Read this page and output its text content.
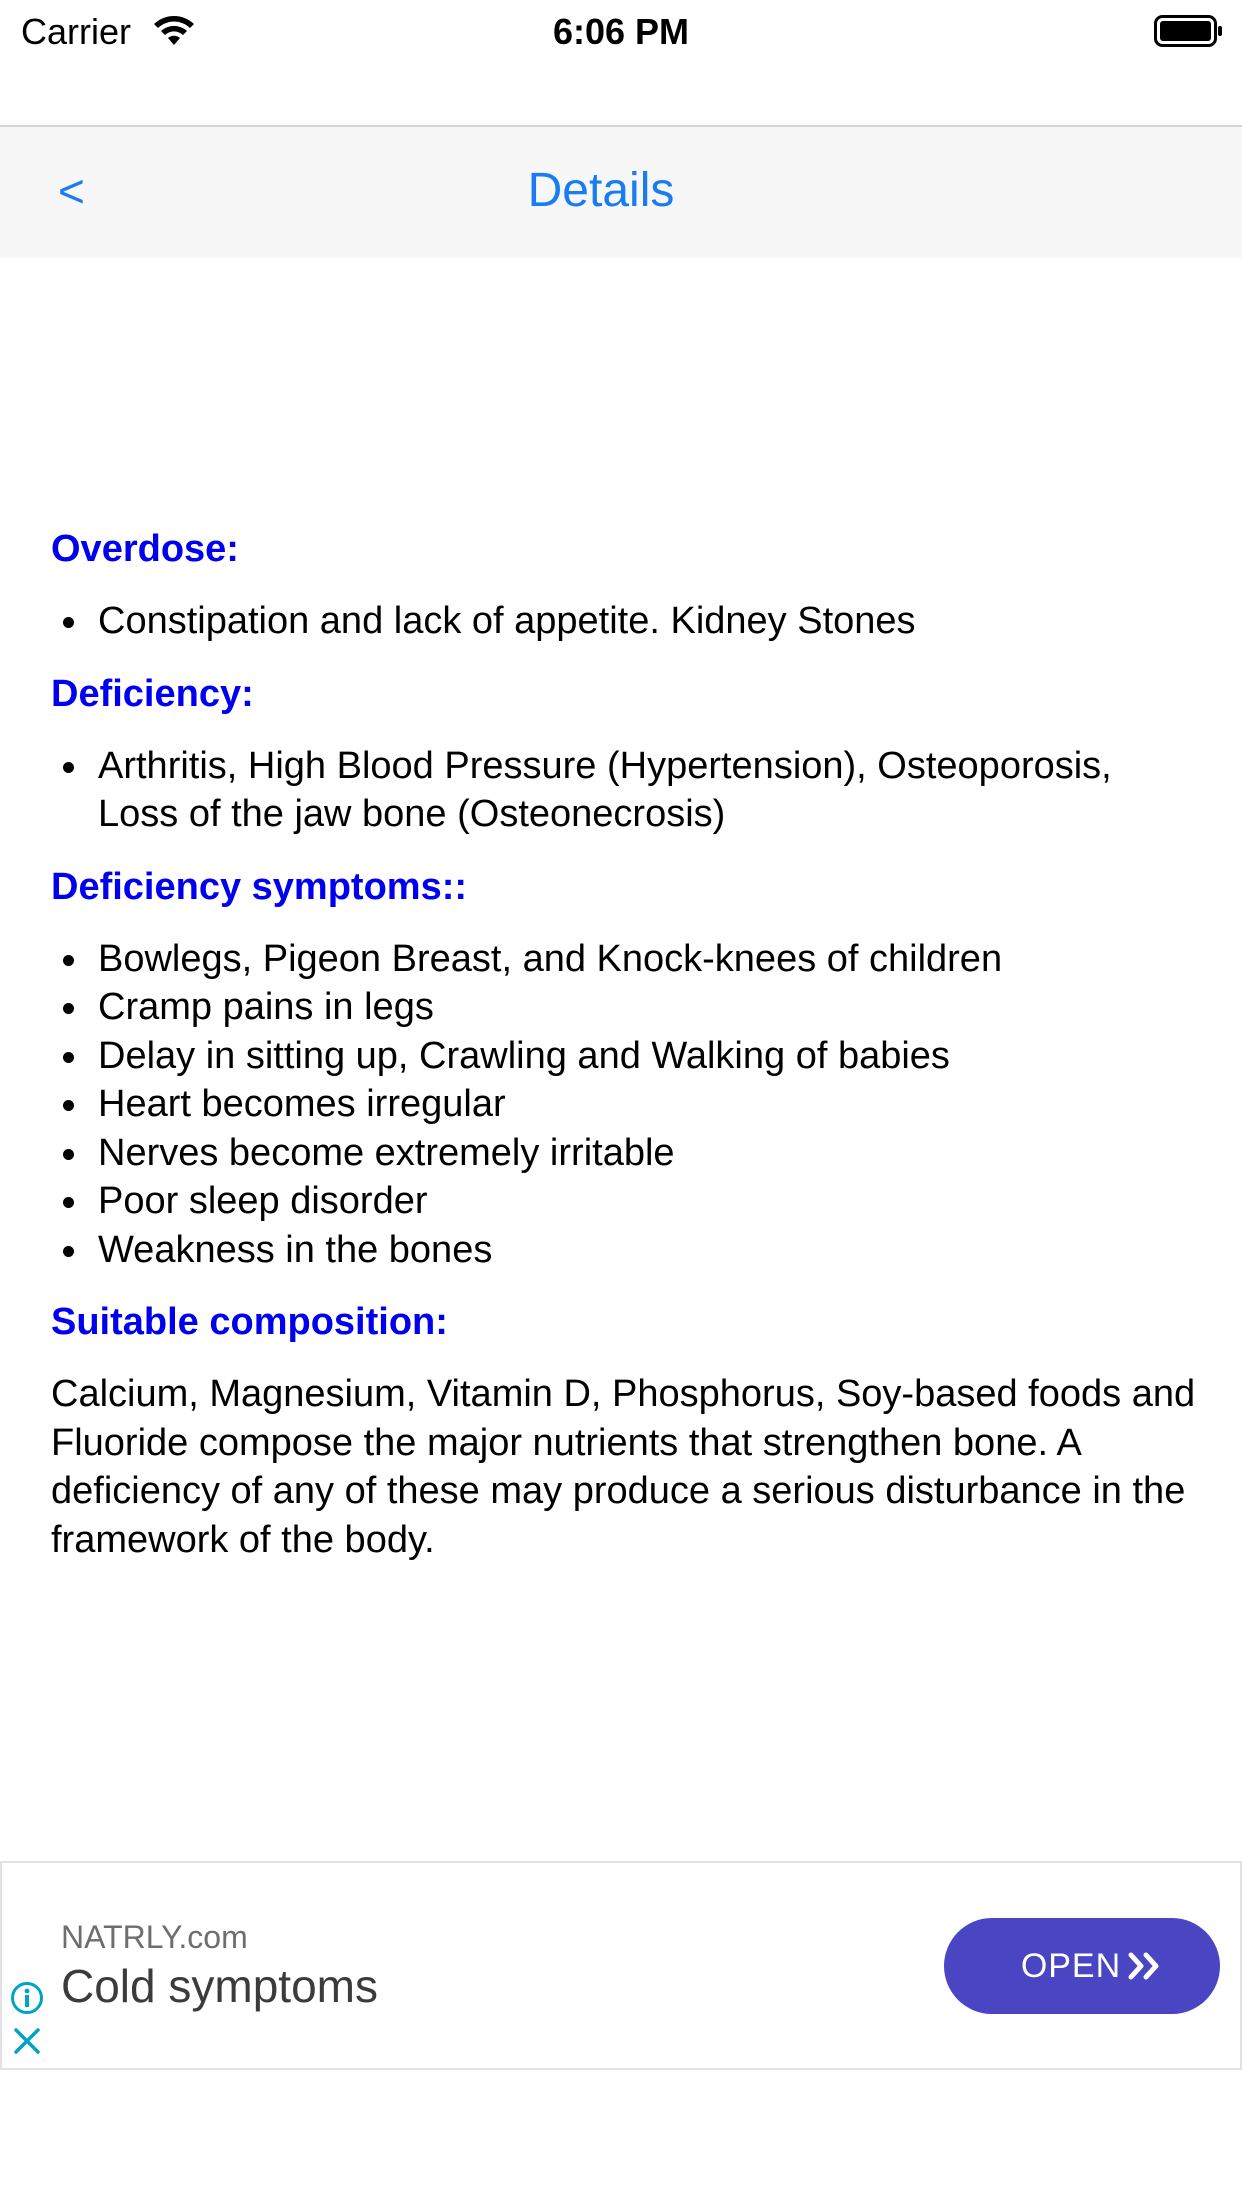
Carrier	6:06 PM
<	Details
Overdose:
Constipation and lack of appetite. Kidney Stones
Deficiency:
Arthritis, High Blood Pressure (Hypertension), Osteoporosis, Loss of the jaw bone (Osteonecrosis)
Deficiency symptoms::
Bowlegs, Pigeon Breast, and Knock-knees of children
Cramp pains in legs
Delay in sitting up, Crawling and Walking of babies
Heart becomes irregular
Nerves become extremely irritable
Poor sleep disorder
Weakness in the bones
Suitable composition:

Calcium, Magnesium, Vitamin D, Phosphorus, Soy-based foods and Fluoride compose the major nutrients that strengthen bone. A deficiency of any of these may produce a serious disturbance in the framework of the body.

NATRLY.com
Cold symptoms	OPEN
